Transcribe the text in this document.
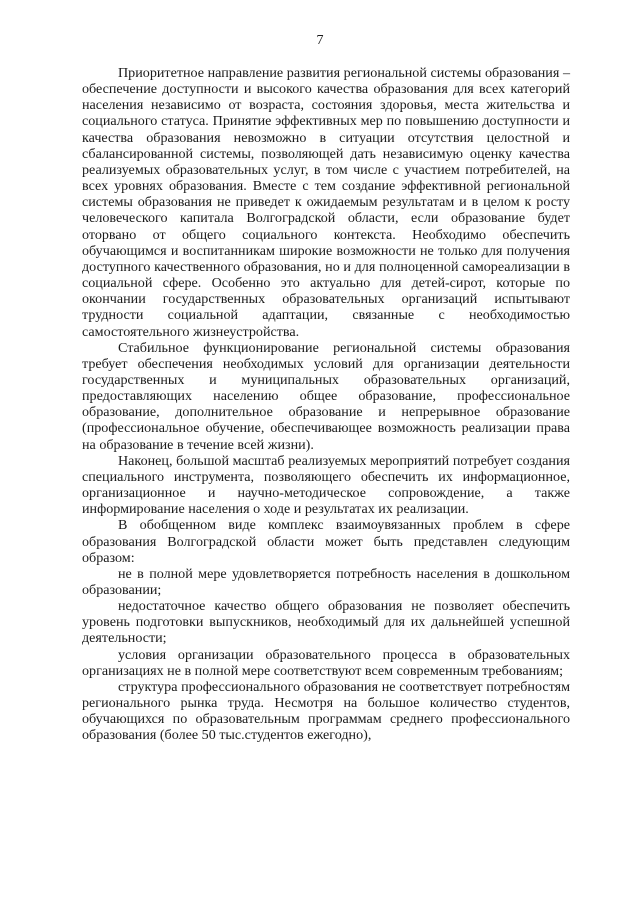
7

Приоритетное направление развития региональной системы образования – обеспечение доступности и высокого качества образования для всех категорий населения независимо от возраста, состояния здоровья, места жительства и социального статуса. Принятие эффективных мер по повышению доступности и качества образования невозможно в ситуации отсутствия целостной и сбалансированной системы, позволяющей дать независимую оценку качества реализуемых образовательных услуг, в том числе с участием потребителей, на всех уровнях образования. Вместе с тем создание эффективной региональной системы образования не приведет к ожидаемым результатам и в целом к росту человеческого капитала Волгоградской области, если образование будет оторвано от общего социального контекста. Необходимо обеспечить обучающимся и воспитанникам широкие возможности не только для получения доступного качественного образования, но и для полноценной самореализации в социальной сфере. Особенно это актуально для детей-сирот, которые по окончании государственных образовательных организаций испытывают трудности социальной адаптации, связанные с необходимостью самостоятельного жизнеустройства.

Стабильное функционирование региональной системы образования требует обеспечения необходимых условий для организации деятельности государственных и муниципальных образовательных организаций, предоставляющих населению общее образование, профессиональное образование, дополнительное образование и непрерывное образование (профессиональное обучение, обеспечивающее возможность реализации права на образование в течение всей жизни).

Наконец, большой масштаб реализуемых мероприятий потребует создания специального инструмента, позволяющего обеспечить их информационное, организационное и научно-методическое сопровождение, а также информирование населения о ходе и результатах их реализации.

В обобщенном виде комплекс взаимоувязанных проблем в сфере образования Волгоградской области может быть представлен следующим образом:

не в полной мере удовлетворяется потребность населения в дошкольном образовании;

недостаточное качество общего образования не позволяет обеспечить уровень подготовки выпускников, необходимый для их дальнейшей успешной деятельности;

условия организации образовательного процесса в образовательных организациях не в полной мере соответствуют всем современным требованиям;

структура профессионального образования не соответствует потребностям регионального рынка труда. Несмотря на большое количество студентов, обучающихся по образовательным программам среднего профессионального образования (более 50 тыс.студентов ежегодно),
